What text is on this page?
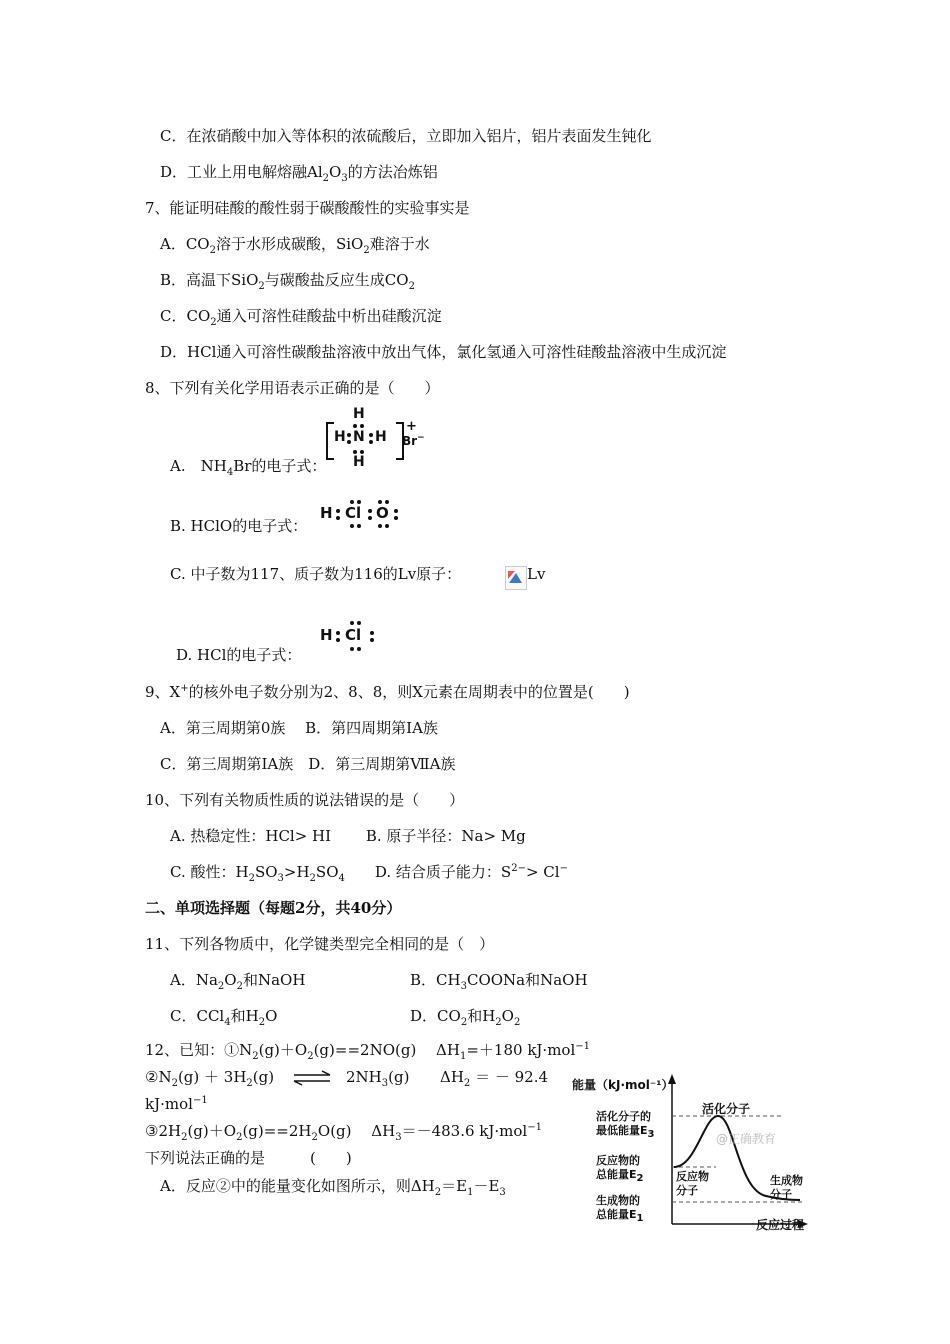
C．在浓硝酸中加入等体积的浓硫酸后，立即加入铝片，铝片表面发生钝化
D．工业上用电解熔融$Al_2O_3$的方法冶炼铝
7、能证明硅酸的酸性弱于碳酸酸性的实验事实是
A．$CO_2$溶于水形成碳酸，SiO$_2$难溶于水
B．高温下SiO$_2$与碳酸盐反应生成$CO_2$
C．$CO_2$通入可溶性硅酸盐中析出硅酸沉淀
D．HCl通入可溶性碳酸盐溶液中放出气体，氯化氢通入可溶性硅酸盐溶液中生成沉淀
8、下列有关化学用语表示正确的是（　　）
H
H N H
H
+
Br−
A.　$NH_4Br$的电子式：
H Cl O
B. HClO的电子式：
C. 中子数为117、质子数为116的Lv原子：	Lv
H Cl
D. HCl的电子式：
9、X+的核外电子数分别为2、8、8，则X元素在周期表中的位置是(　　)
A．第三周期第0族　 B．第四周期第ⅠA族
C．第三周期第ⅠA族　D．第三周期第ⅦA族
10、下列有关物质性质的说法错误的是（　　）
A. 热稳定性：HCl> HI　　 B. 原子半径：Na> Mg
C. 酸性：$H_2SO_3>H_2SO_4$　　 D. 结合质子能力：$S^{2-}> Cl^-$
二、单项选择题（每题2分，共40分）
11、下列各物质中，化学键类型完全相同的是（　）
A．$Na_2O_2$和NaOH	B．$CH_3COONa$和NaOH
C．CCl$_4$和$H_2O$	D．$CO_2$和$H_2O_2$
12、已知：$①N_2(g)+O_2(g)==2NO(g)$　 $\Delta H_1=+180$ kJ·mol$^{-1}$
$②N_2(g) + 3H_2(g)$ ⇌ $2NH_3(g) \Delta H_2$ ＝ － 92.4
kJ·mol$^{-1}$
$③2H_2(g)+O_2(g)==2H_2O(g)$　 $\Delta H_3=-483.6$ kJ·mol$^{-1}$
下列说法正确的是　　　(　　)
A．反应②中的能量变化如图所示，则$\Delta H_2=E_1-E_3$
能量（kJ·mol⁻¹）
活化分子
活化分子的
最低能量$E_3$
反应物的
总能量$E_2$	反应物
分子
生成物
分子
生成物的
总能量$E_1$	反应过程
@正确教育
